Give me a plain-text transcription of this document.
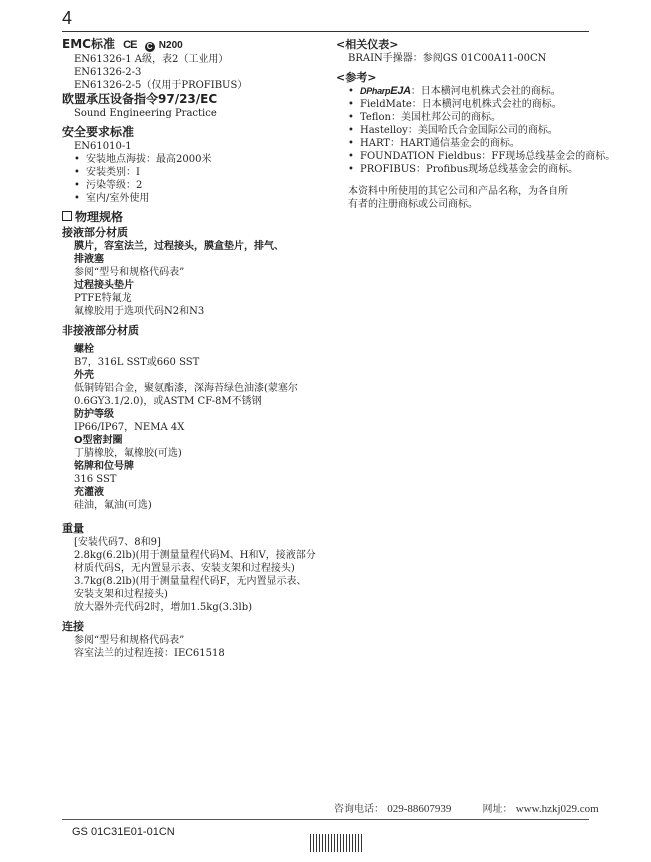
4
EMC标准 CE C N200
EN61326-1 A级，表2（工业用）
EN61326-2-3
EN61326-2-5（仅用于PROFIBUS）
欧盟承压设备指令97/23/EC
Sound Engineering Practice
安全要求标准
EN61010-1
• 安装地点海拔：最高2000米
• 安装类别：I
• 污染等级：2
• 室内/室外使用
物理规格
接液部分材质
膜片，容室法兰，过程接头，膜盒垫片，排气、
排液塞
参阅“型号和规格代码表”
过程接头垫片
PTFE特氟龙
氟橡胶用于选项代码N2和N3
非接液部分材质
螺栓
B7，316L SST或660 SST
外壳
低铜铸铝合金，聚氨酯漆，深海苔绿色油漆(蒙塞尔
0.6GY3.1/2.0)，或ASTM CF-8M不锈钢
防护等级
IP66/IP67，NEMA 4X
O型密封圈
丁腈橡胶，氟橡胶(可选)
铭牌和位号牌
316 SST
充灌液
硅油，氟油(可选)
重量
[安装代码7、8和9]
2.8kg(6.2lb)(用于测量量程代码M、H和V，接液部分
材质代码S，无内置显示表、安装支架和过程接头)
3.7kg(8.2lb)(用于测量量程代码F，无内置显示表、
安装支架和过程接头)
放大器外壳代码2时，增加1.5kg(3.3lb)
连接
参阅“型号和规格代码表”
容室法兰的过程连接：IEC61518
<相关仪表>
BRAIN手操器：参阅GS 01C00A11-00CN
<参考>
• DPharpEJA：日本横河电机株式会社的商标。
• FieldMate：日本横河电机株式会社的商标。
• Teflon：美国杜邦公司的商标。
• Hastelloy：美国哈氏合金国际公司的商标。
• HART：HART通信基金会的商标。
• FOUNDATION Fieldbus：FF现场总线基金会的商标。
• PROFIBUS：Profibus现场总线基金会的商标。
本资料中所使用的其它公司和产品名称，为各自所
有者的注册商标或公司商标。
咨询电话： 029-88607939	网址： www.hzkj029.com
GS 01C31E01-01CN
